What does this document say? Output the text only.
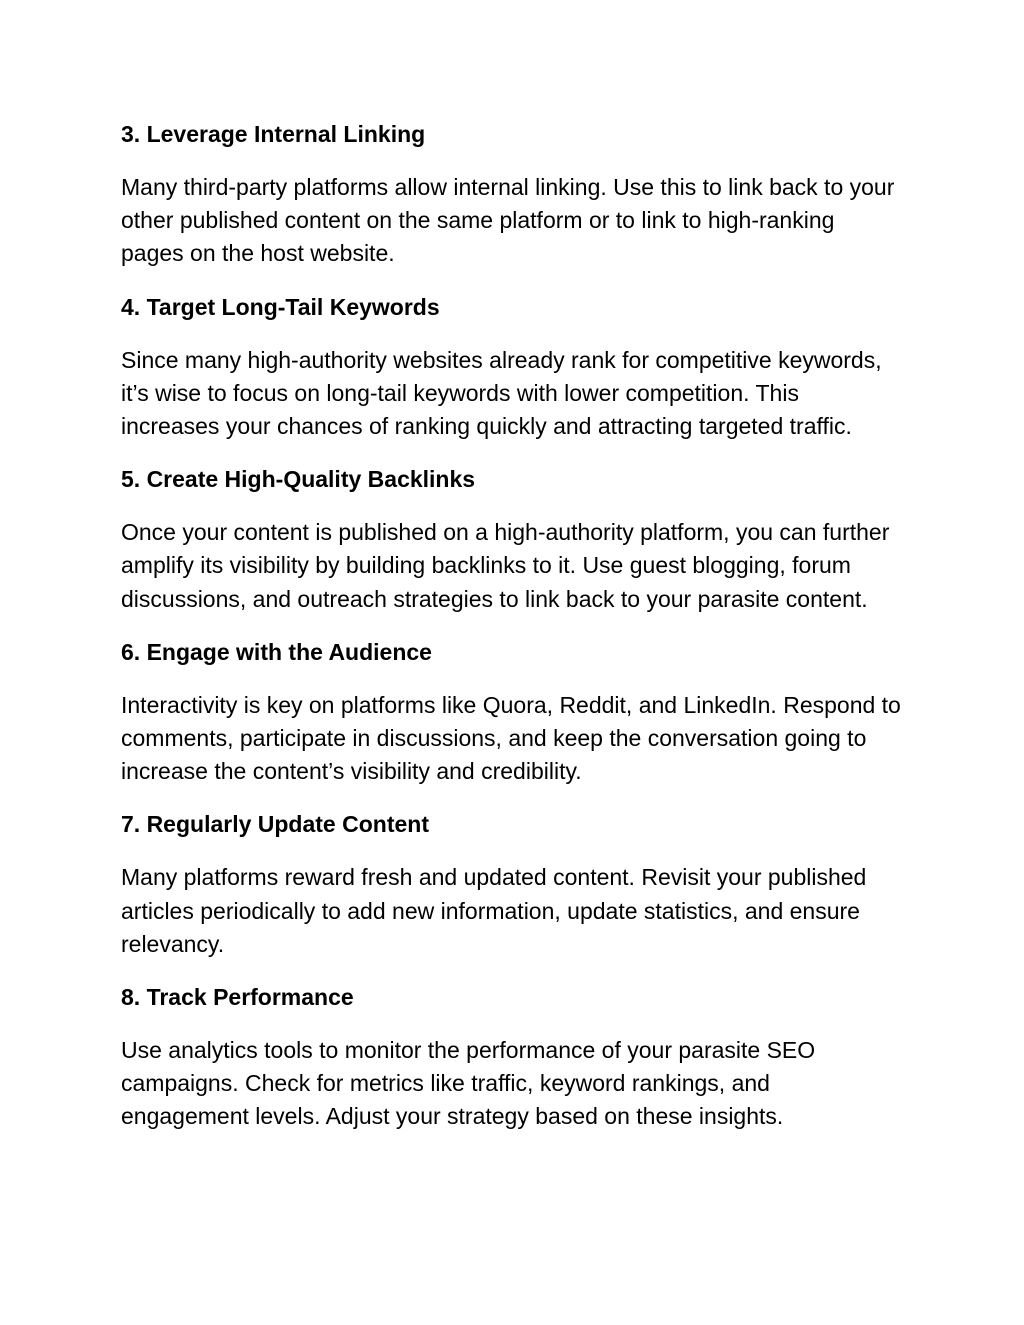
3. Leverage Internal Linking

Many third-party platforms allow internal linking. Use this to link back to your other published content on the same platform or to link to high-ranking pages on the host website.

4. Target Long-Tail Keywords

Since many high-authority websites already rank for competitive keywords, it’s wise to focus on long-tail keywords with lower competition. This increases your chances of ranking quickly and attracting targeted traffic.

5. Create High-Quality Backlinks

Once your content is published on a high-authority platform, you can further amplify its visibility by building backlinks to it. Use guest blogging, forum discussions, and outreach strategies to link back to your parasite content.

6. Engage with the Audience

Interactivity is key on platforms like Quora, Reddit, and LinkedIn. Respond to comments, participate in discussions, and keep the conversation going to increase the content’s visibility and credibility.

7. Regularly Update Content

Many platforms reward fresh and updated content. Revisit your published articles periodically to add new information, update statistics, and ensure relevancy.

8. Track Performance

Use analytics tools to monitor the performance of your parasite SEO campaigns. Check for metrics like traffic, keyword rankings, and engagement levels. Adjust your strategy based on these insights.
